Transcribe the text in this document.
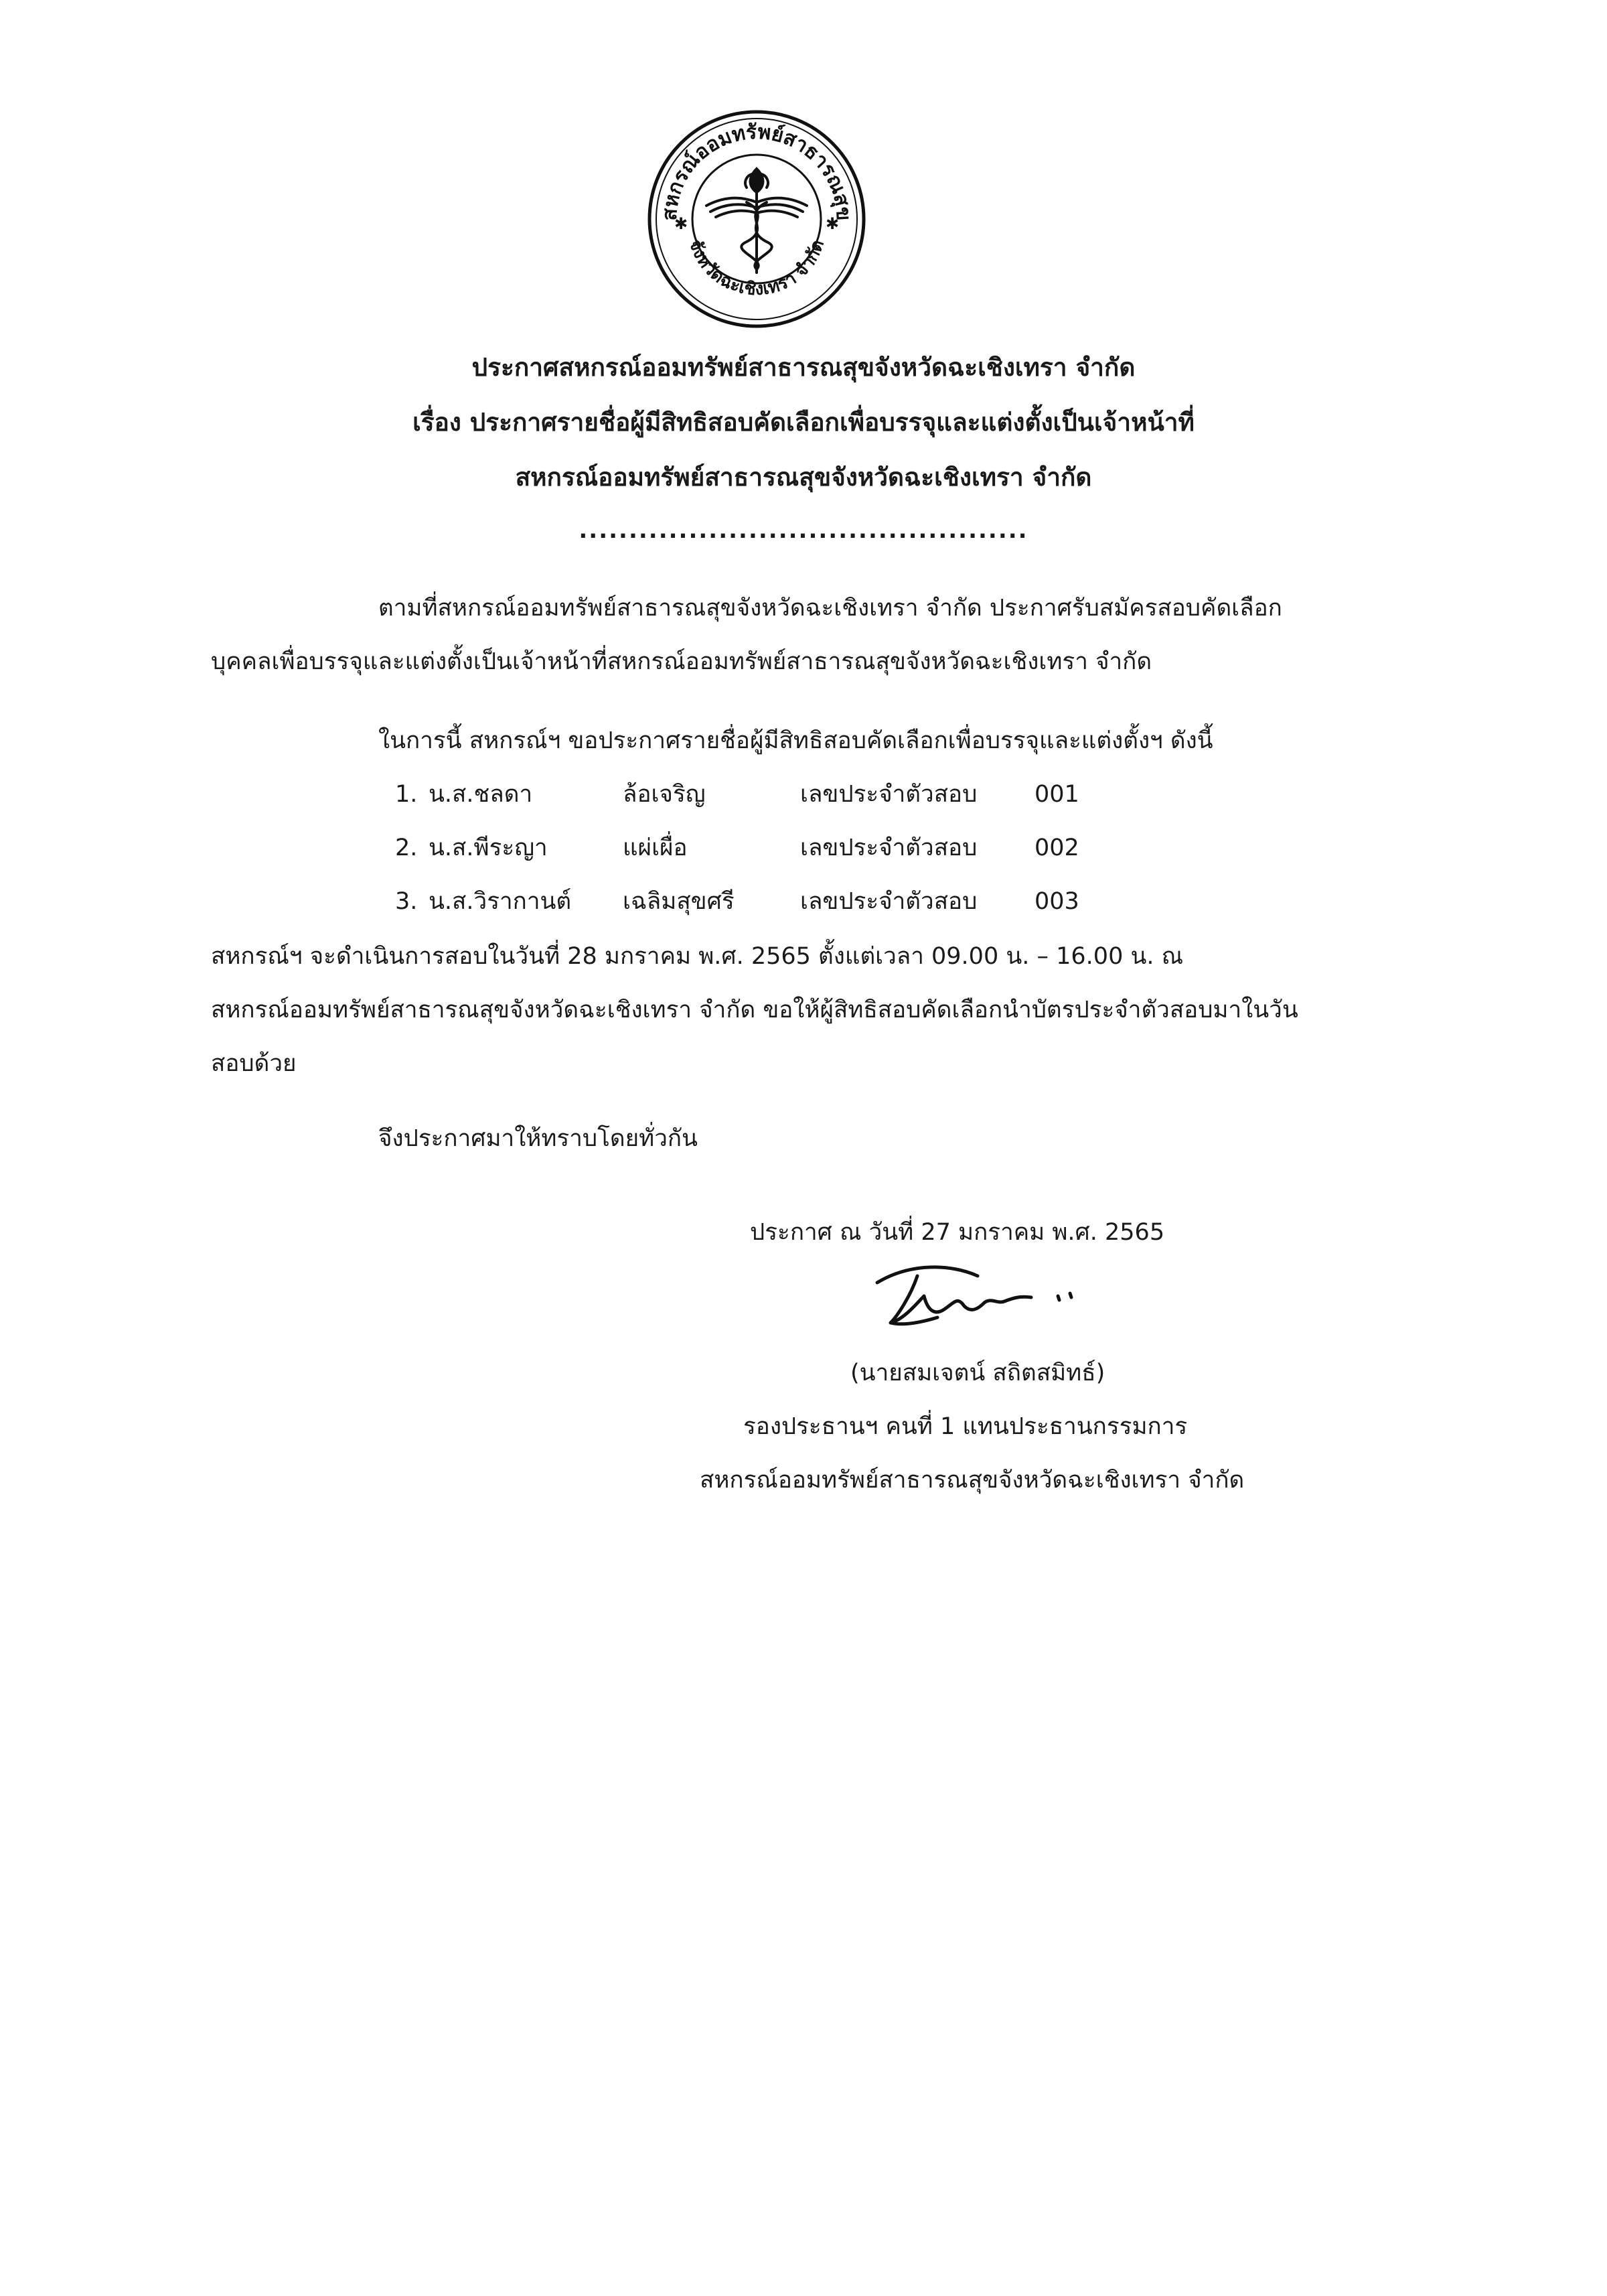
สหกรณ์ออมทรัพย์สาธารณสุข
จังหวัดฉะเชิงเทรา จำกัด
✱	✱
ประกาศสหกรณ์ออมทรัพย์สาธารณสุขจังหวัดฉะเชิงเทรา จำกัด
เรื่อง ประกาศรายชื่อผู้มีสิทธิสอบคัดเลือกเพื่อบรรจุและแต่งตั้งเป็นเจ้าหน้าที่
สหกรณ์ออมทรัพย์สาธารณสุขจังหวัดฉะเชิงเทรา จำกัด
.............................................
ตามที่สหกรณ์ออมทรัพย์สาธารณสุขจังหวัดฉะเชิงเทรา จำกัด ประกาศรับสมัครสอบคัดเลือก
บุคคลเพื่อบรรจุและแต่งตั้งเป็นเจ้าหน้าที่สหกรณ์ออมทรัพย์สาธารณสุขจังหวัดฉะเชิงเทรา จำกัด
ในการนี้ สหกรณ์ฯ ขอประกาศรายชื่อผู้มีสิทธิสอบคัดเลือกเพื่อบรรจุและแต่งตั้งฯ ดังนี้
1. น.ส.ชลดา	ล้อเจริญ	เลขประจำตัวสอบ	001
2. น.ส.พีระญา	แผ่เผื่อ	เลขประจำตัวสอบ	002
3. น.ส.วิรากานต์	เฉลิมสุขศรี	เลขประจำตัวสอบ	003
สหกรณ์ฯ จะดำเนินการสอบในวันที่ 28 มกราคม พ.ศ. 2565 ตั้งแต่เวลา 09.00 น. – 16.00 น. ณ
สหกรณ์ออมทรัพย์สาธารณสุขจังหวัดฉะเชิงเทรา จำกัด ขอให้ผู้สิทธิสอบคัดเลือกนำบัตรประจำตัวสอบมาในวัน
สอบด้วย
จึงประกาศมาให้ทราบโดยทั่วกัน
ประกาศ ณ วันที่ 27 มกราคม พ.ศ. 2565
(นายสมเจตน์ สถิตสมิทธ์)
รองประธานฯ คนที่ 1 แทนประธานกรรมการ
สหกรณ์ออมทรัพย์สาธารณสุขจังหวัดฉะเชิงเทรา จำกัด
